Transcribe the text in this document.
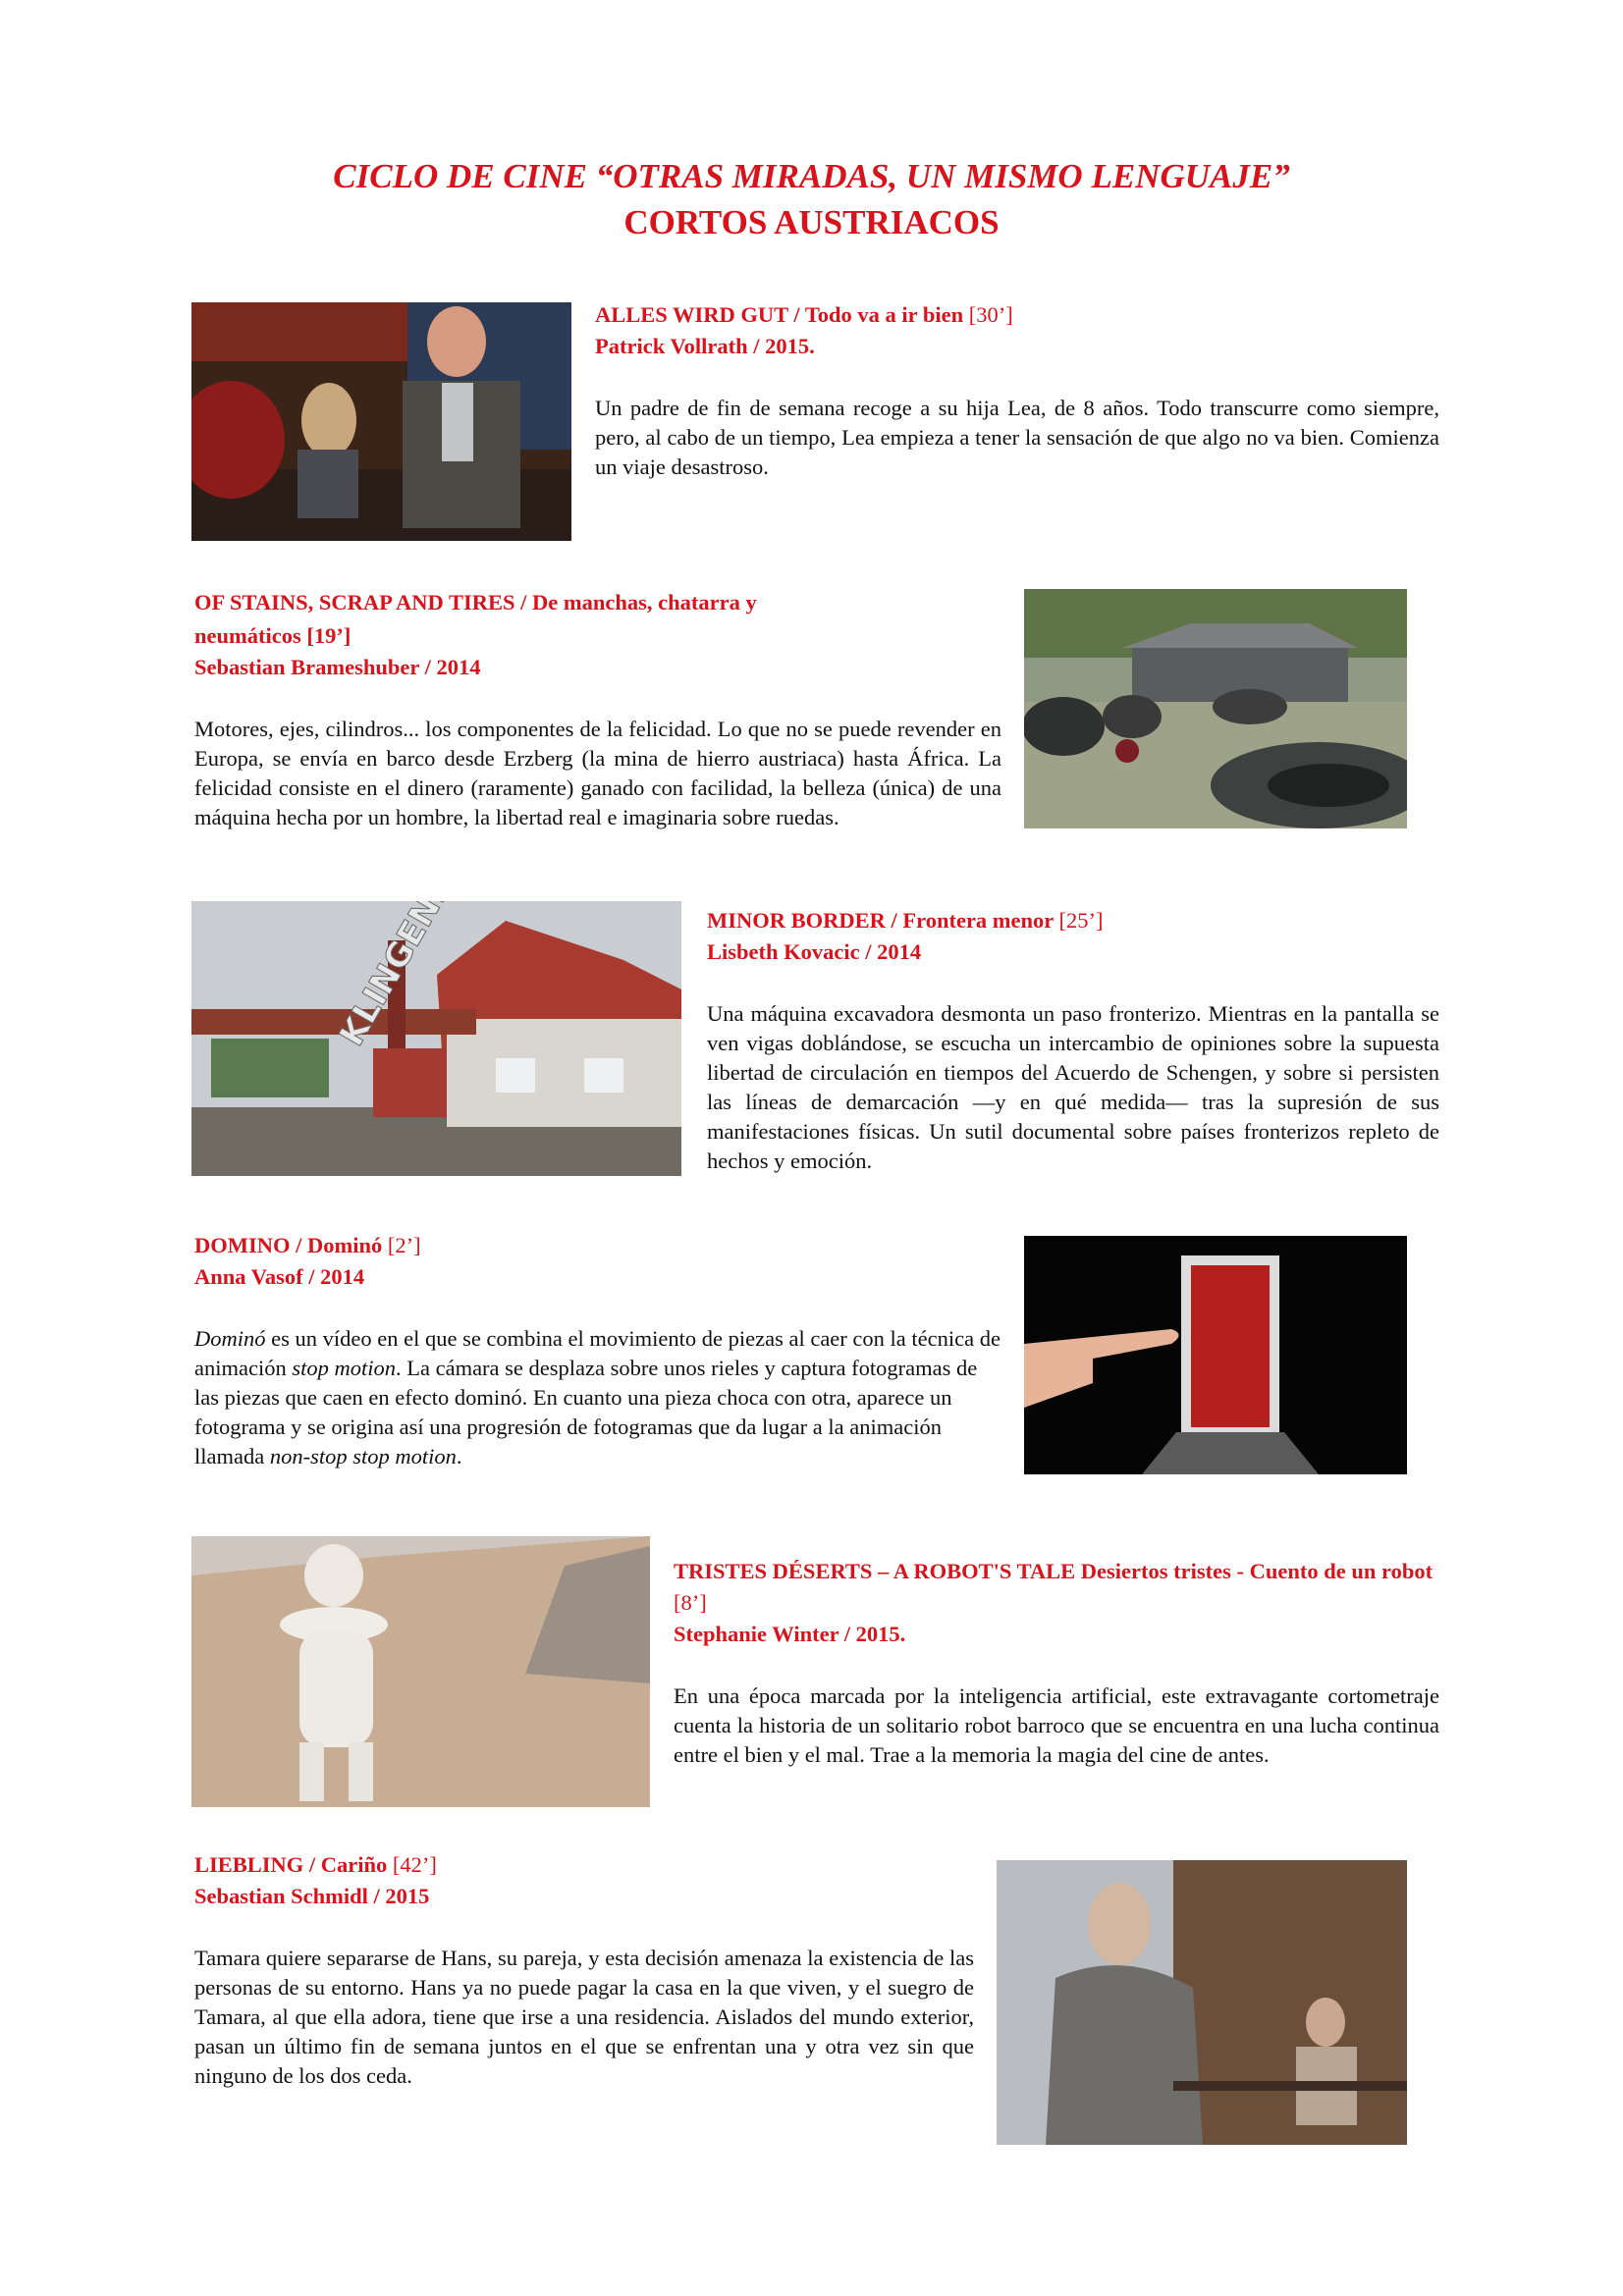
CICLO DE CINE “OTRAS MIRADAS, UN MISMO LENGUAJE”
CORTOS AUSTRIACOS
ALLES WIRD GUT / Todo va a ir bien [30’]
Patrick Vollrath / 2015.
Un padre de fin de semana recoge a su hija Lea, de 8 años. Todo transcurre como siempre, pero, al cabo de un tiempo, Lea empieza a tener la sensación de que algo no va bien. Comienza un viaje desastroso.
OF STAINS, SCRAP AND TIRES / De manchas, chatarra y
neumáticos [19’]
Sebastian Brameshuber / 2014
Motores, ejes, cilindros... los componentes de la felicidad. Lo que no se puede revender en Europa, se envía en barco desde Erzberg (la mina de hierro austriaca) hasta África. La felicidad consiste en el dinero (raramente) ganado con facilidad, la belleza (única) de una máquina hecha por un hombre, la libertad real e imaginaria sobre ruedas.
MINOR BORDER / Frontera menor [25’]
Lisbeth Kovacic / 2014
Una máquina excavadora desmonta un paso fronterizo. Mientras en la pantalla se ven vigas doblándose, se escucha un intercambio de opiniones sobre la supuesta libertad de circulación en tiempos del Acuerdo de Schengen, y sobre si persisten las líneas de demarcación —y en qué medida— tras la supresión de sus manifestaciones físicas. Un sutil documental sobre países fronterizos repleto de hechos y emoción.
DOMINO / Dominó [2’]
Anna Vasof / 2014
Dominó es un vídeo en el que se combina el movimiento de piezas al caer con la técnica de animación stop motion. La cámara se desplaza sobre unos rieles y captura fotogramas de las piezas que caen en efecto dominó. En cuanto una pieza choca con otra, aparece un fotograma y se origina así una progresión de fotogramas que da lugar a la animación llamada non-stop stop motion.
TRISTES DÉSERTS – A ROBOT'S TALE Desiertos tristes - Cuento de un robot [8’]
Stephanie Winter / 2015.
En una época marcada por la inteligencia artificial, este extravagante cortometraje cuenta la historia de un solitario robot barroco que se encuentra en una lucha continua entre el bien y el mal. Trae a la memoria la magia del cine de antes.
LIEBLING / Cariño [42’]
Sebastian Schmidl / 2015
Tamara quiere separarse de Hans, su pareja, y esta decisión amenaza la existencia de las personas de su entorno. Hans ya no puede pagar la casa en la que viven, y el suegro de Tamara, al que ella adora, tiene que irse a una residencia. Aislados del mundo exterior, pasan un último fin de semana juntos en el que se enfrentan una y otra vez sin que ninguno de los dos ceda.
